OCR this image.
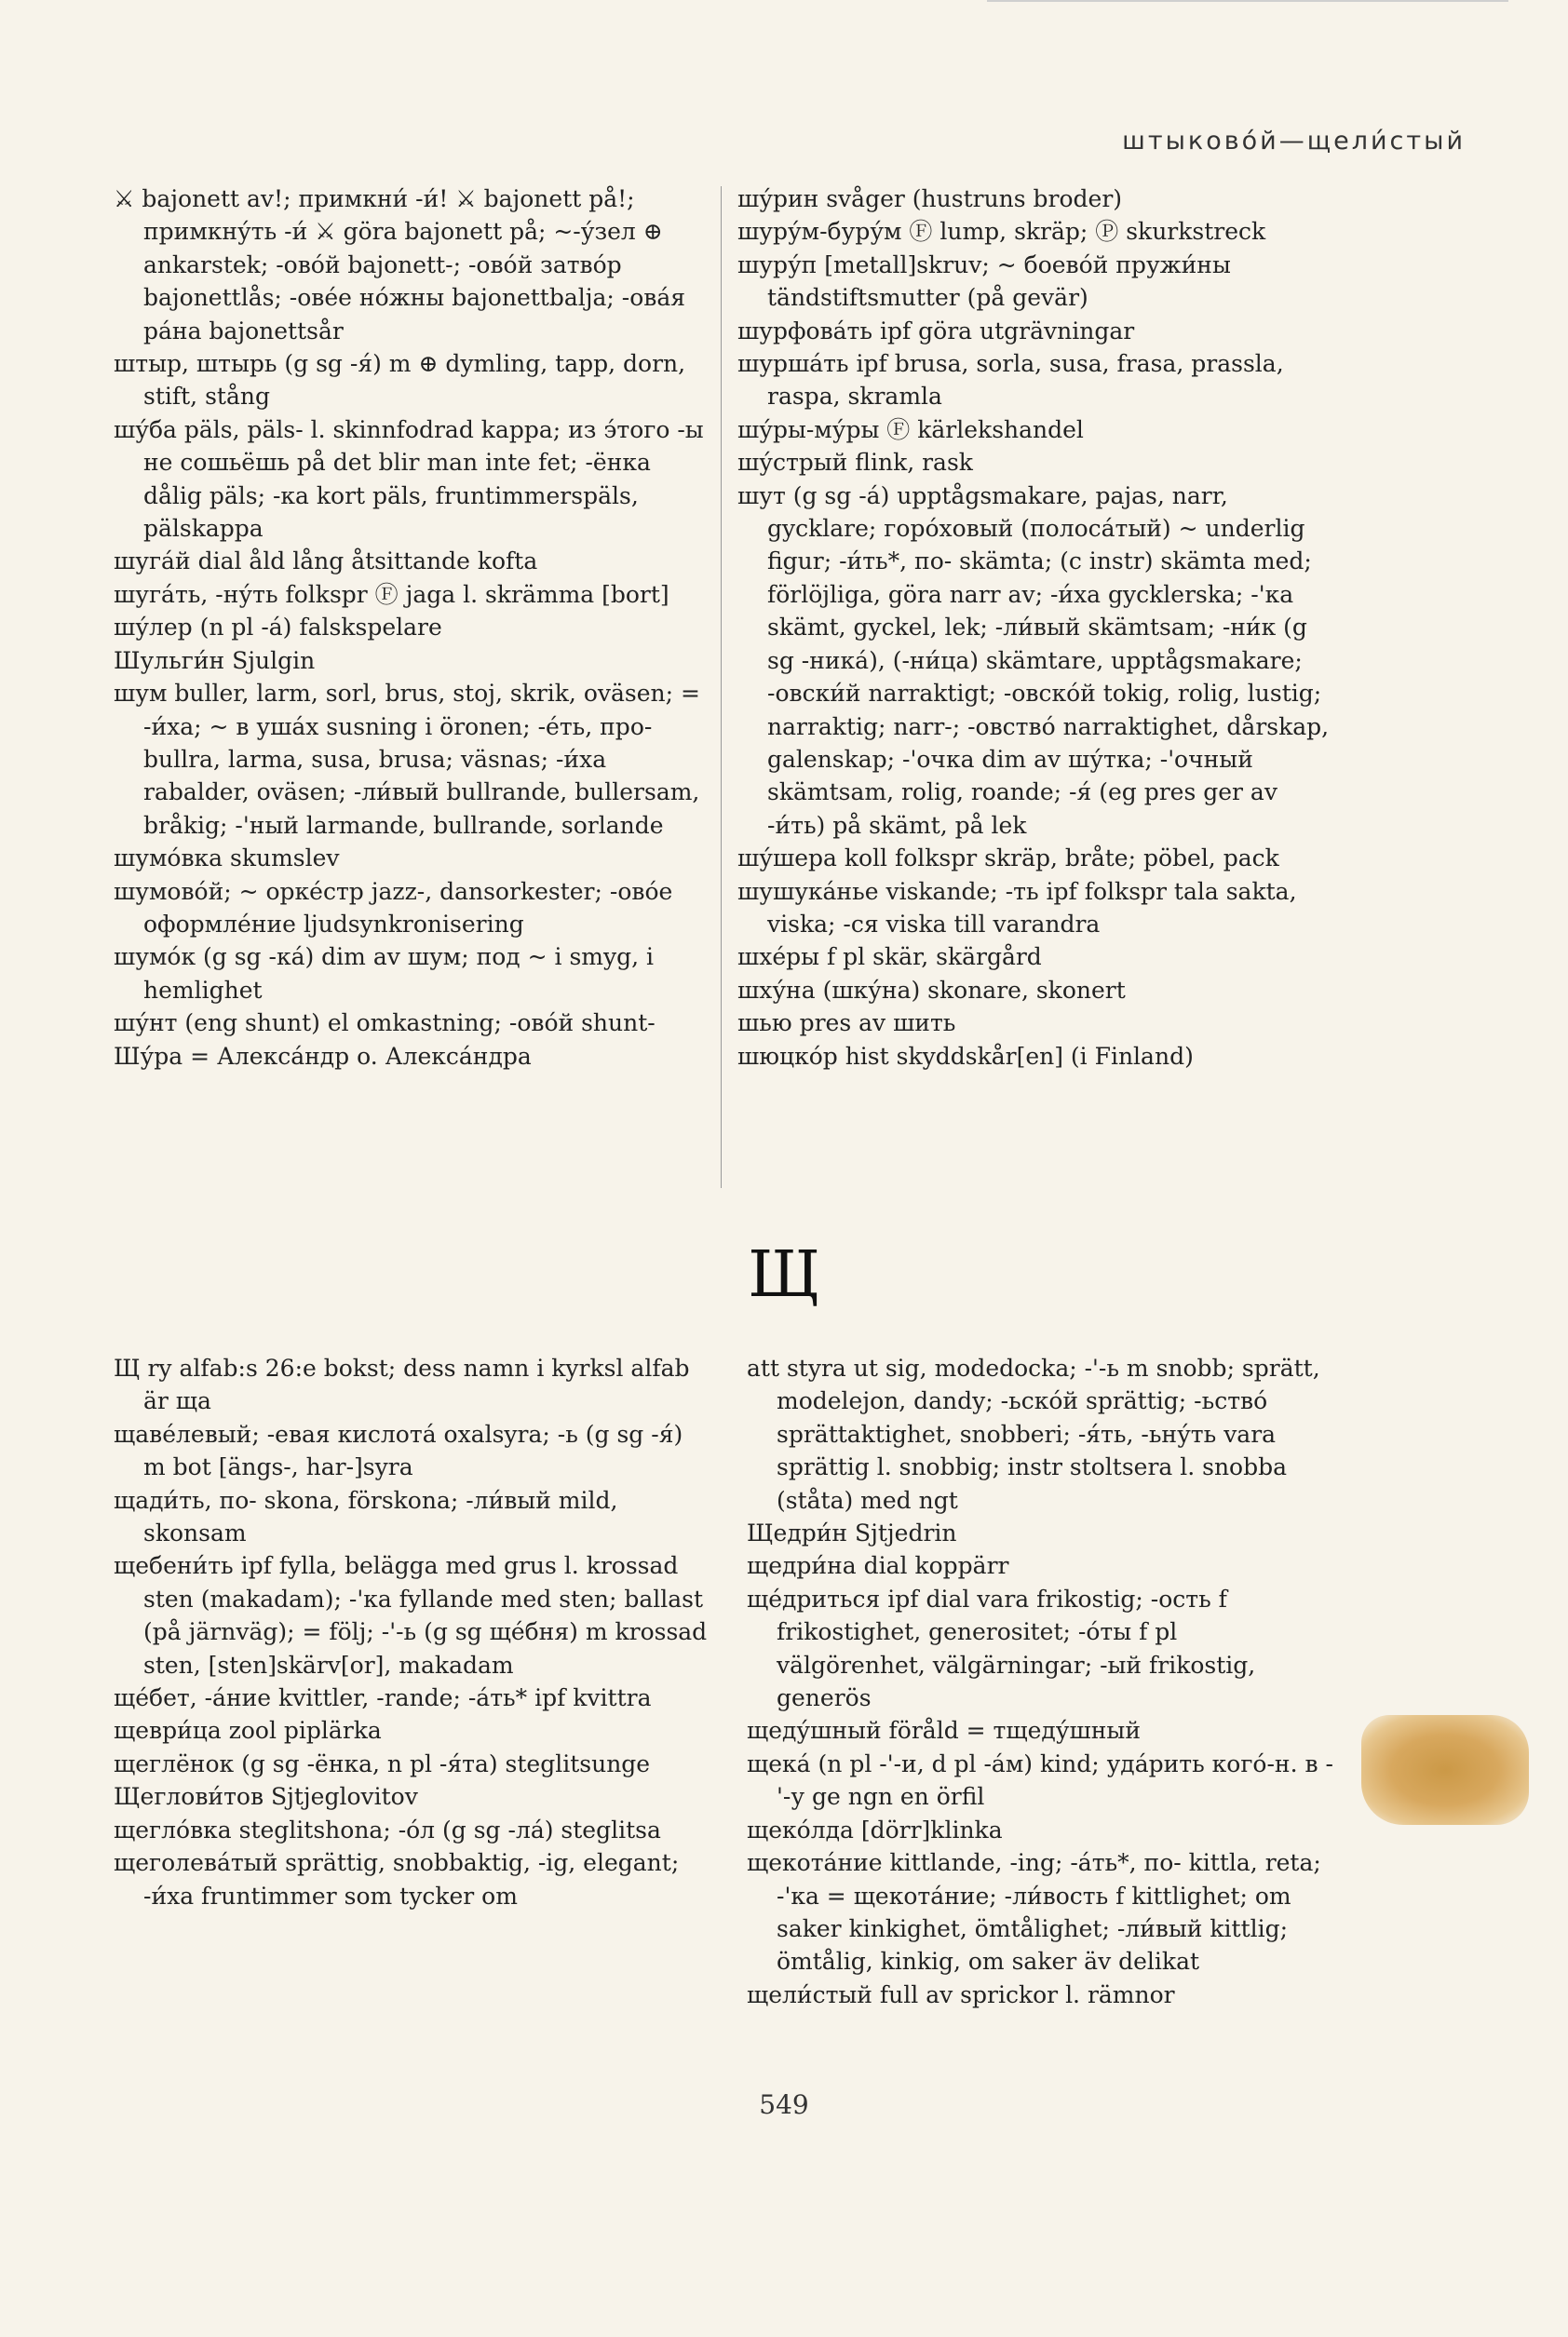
штыковóй—щели́стый

⚔ bajonett av!; примкни́ -и́! ⚔ bajonett på!; примкну́ть -и́ ⚔ göra bajonett på; ~-у́зел ⊕ ankarstek; -овóй bajonett-; -овóй затвóр bajonettlås; -ове́е нóжны bajonettbalja; -овáя рáна bajonettsår

штыр, штырь (g sg -я́) m ⊕ dymling, tapp, dorn, stift, stång

шу́ба päls, päls- l. skinnfodrad kappa; из э́того -ы не сошьёшь på det blir man inte fet; -ёнка dålig päls; -ка kort päls, fruntimmerspäls, pälskappa

шугáй dial åld lång åtsittande kofta

шугáть, -ну́ть folkspr Ⓕ jaga l. skrämma [bort]

шу́лер (n pl -á) falskspelare

Шульги́н Sjulgin

шум buller, larm, sorl, brus, stoj, skrik, oväsen; = -и́ха; ~ в ушáх susning i öronen; -éть, про- bullra, larma, susa, brusa; väsnas; -и́ха rabalder, oväsen; -ли́вый bullrande, bullersam, bråkig; -'ный larmande, bullrande, sorlande

шумóвка skumslev

шумовóй; ~ оркéстр jazz-, dansorkester; -овóе оформлéние ljudsynkronisering

шумóк (g sg -кá) dim av шум; под ~ i smyg, i hemlighet

шу́нт (eng shunt) el omkastning; -овóй shunt-

Шу́ра = Алексáндр o. Алексáндра

шу́рин svåger (hustruns broder)

шуру́м-буру́м Ⓕ lump, skräp; Ⓟ skurkstreck

шуру́п [metall]skruv; ~ боевóй пружи́ны tändstiftsmutter (på gevär)

шурфовáть ipf göra utgrävningar

шуршáть ipf brusa, sorla, susa, frasa, prassla, raspa, skramla

шу́ры-му́ры Ⓕ kärlekshandel

шу́стрый flink, rask

шут (g sg -á) upptågsmakare, pajas, narr, gycklare; горóховый (полосáтый) ~ underlig figur; -и́ть*, по- skämta; (с instr) skämta med; förlöjliga, göra narr av; -и́ха gycklerska; -'ка skämt, gyckel, lek; -ли́вый skämtsam; -ни́к (g sg -никá), (-ни́ца) skämtare, upptågsmakare; -овски́й narraktigt; -овскóй tokig, rolig, lustig; narraktig; narr-; -овствó narraktighet, dårskap, galenskap; -'очка dim av шу́тка; -'очный skämtsam, rolig, roande; -я́ (eg pres ger av -и́ть) på skämt, på lek

шу́шера koll folkspr skräp, bråte; pöbel, pack

шушукáнье viskande; -ть ipf folkspr tala sakta, viska; -ся viska till varandra

шхéры f pl skär, skärgård

шху́на (шку́на) skonare, skonert

шью pres av шить

шюцкóр hist skyddskår[en] (i Finland)

Щ

Щ ry alfab:s 26:e bokst; dess namn i kyrksl alfab är ща

щавéлевый; -евая кислотá oxalsyra; -ь (g sg -я́) m bot [ängs-, har-]syra

щади́ть, по- skona, förskona; -ли́вый mild, skonsam

щебени́ть ipf fylla, belägga med grus l. krossad sten (makadam); -'ка fyllande med sten; ballast (på järnväg); = följ; -'-ь (g sg щéбня) m krossad sten, [sten]skärv[or], makadam

щéбет, -áние kvittler, -rande; -áть* ipf kvittra

щеври́ца zool piplärka

щеглёнок (g sg -ёнка, n pl -я́та) steglitsunge

Щеглови́тов Sjtjeglovitov

щеглóвка steglitshona; -óл (g sg -лá) steglitsa

щеголевáтый sprättig, snobbaktig, -ig, elegant; -и́ха fruntimmer som tycker om

att styra ut sig, modedocka; -'-ь m snobb; sprätt, modelejon, dandy; -ьскóй sprättig; -ьствó sprättaktighet, snobberi; -я́ть, -ьну́ть vara sprättig l. snobbig; instr stoltsera l. snobba (ståta) med ngt

Щедри́н Sjtjedrin

щедри́на dial koppärr

щéдриться ipf dial vara frikostig; -ость f frikostighet, generositet; -óты f pl välgörenhet, välgärningar; -ый frikostig, generös

щеду́шный föråld = тщеду́шный

щекá (n pl -'-и, d pl -áм) kind; удáрить когó-н. в -'-у ge ngn en örfil

щекóлда [dörr]klinka

щекотáние kittlande, -ing; -áть*, по- kittla, reta; -'ка = щекотáние; -ли́вость f kittlighet; om saker kinkighet, ömtålighet; -ли́вый kittlig; ömtålig, kinkig, om saker äv delikat

щели́стый full av sprickor l. rämnor

549
